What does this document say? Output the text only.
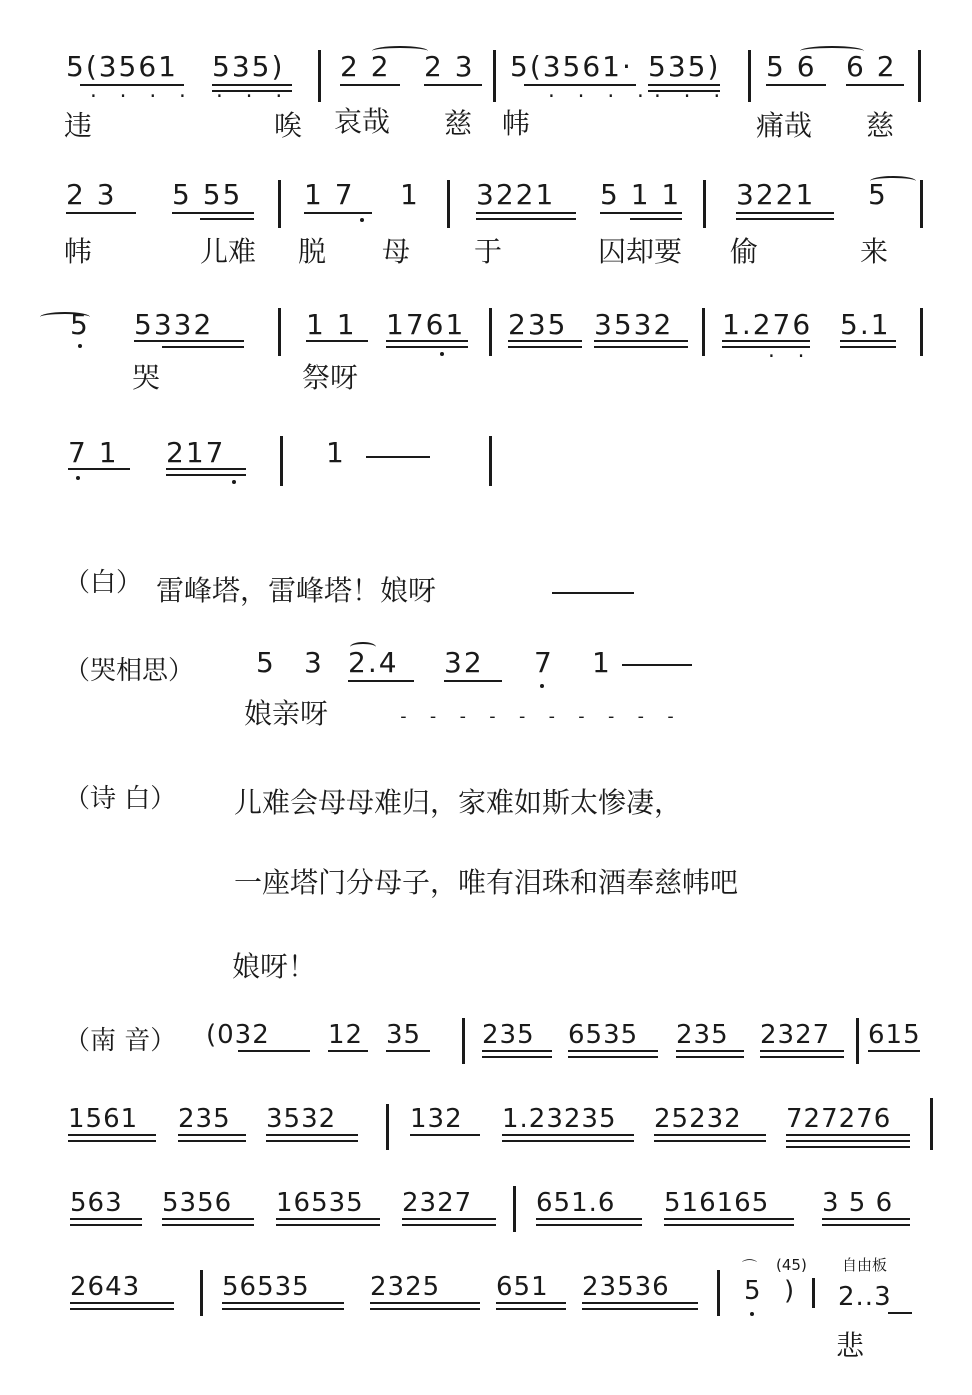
5(3561 535)
· · · · · · ·
2 2 2 3 5(3561· 535)
· · · · · · ·
5 6 6 2
违	唉 哀哉 慈 帏	痛哉 慈
2 3 5 55 1 7 1 3221 5 1 1 3221 5
帏	儿难 脱 母 于	囚却要 偷	来
5 5332	1 1 1761 235 3532 1.276 5.1
· ·
哭	祭呀
7 1 217	1
（白） 雷峰塔，雷峰塔！娘呀
（哭相思） 5 3 2.4 32 7 1
娘亲呀	- - - - - - - - - -
（诗 白） 儿难会母母难归，家难如斯太惨凄，
一座塔门分母子，唯有泪珠和酒奉慈帏吧
娘呀！
（南 音） (032 12 35 235 6535 235 2327 615
1561 235 3532	132 1.23235 25232 727276
563 5356 16535 2327 651.6 516165 3 5 6
2643	56535 2325 651 23536
⌒
5
(45)
)
自由板
2..3
悲
